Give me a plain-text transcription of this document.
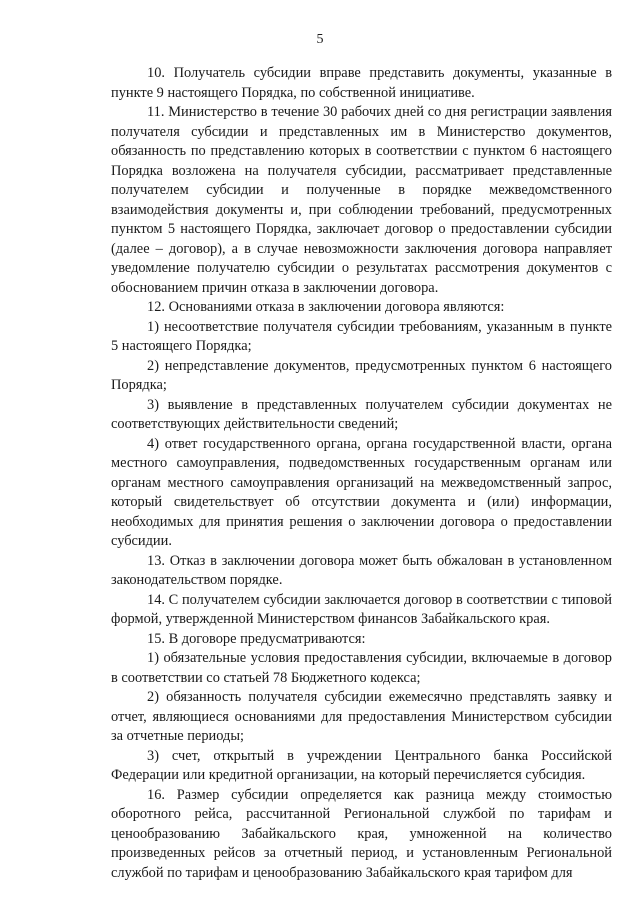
5

10. Получатель субсидии вправе представить документы, указанные в пункте 9 настоящего Порядка, по собственной инициативе.

11. Министерство в течение 30 рабочих дней со дня регистрации заявления получателя субсидии и представленных им в Министерство документов, обязанность по представлению которых в соответствии с пунктом 6 настоящего Порядка возложена на получателя субсидии, рассматривает представленные получателем субсидии и полученные в порядке межведомственного взаимодействия документы и, при соблюдении требований, предусмотренных пунктом 5 настоящего Порядка, заключает договор о предоставлении субсидии (далее – договор), а в случае невозможности заключения договора направляет уведомление получателю субсидии о результатах рассмотрения документов с обоснованием причин отказа в заключении договора.

12. Основаниями отказа в заключении договора являются:

1) несоответствие получателя субсидии требованиям, указанным в пункте 5 настоящего Порядка;

2) непредставление документов, предусмотренных пунктом 6 настоящего Порядка;

3) выявление в представленных получателем субсидии документах не соответствующих действительности сведений;

4) ответ государственного органа, органа государственной власти, органа местного самоуправления, подведомственных государственным органам или органам местного самоуправления организаций на межведомственный запрос, который свидетельствует об отсутствии документа и (или) информации, необходимых для принятия решения о заключении договора о предоставлении субсидии.

13. Отказ в заключении договора может быть обжалован в установленном законодательством порядке.

14. С получателем субсидии заключается договор в соответствии с типовой формой, утвержденной Министерством финансов Забайкальского края.

15. В договоре предусматриваются:

1) обязательные условия предоставления субсидии, включаемые в договор в соответствии со статьей 78 Бюджетного кодекса;

2) обязанность получателя субсидии ежемесячно представлять заявку и отчет, являющиеся основаниями для предоставления Министерством субсидии за отчетные периоды;

3) счет, открытый в учреждении Центрального банка Российской Федерации или кредитной организации, на который перечисляется субсидия.

16. Размер субсидии определяется как разница между стоимостью оборотного рейса, рассчитанной Региональной службой по тарифам и ценообразованию Забайкальского края, умноженной на количество произведенных рейсов за отчетный период, и установленным Региональной службой по тарифам и ценообразованию Забайкальского края тарифом для
